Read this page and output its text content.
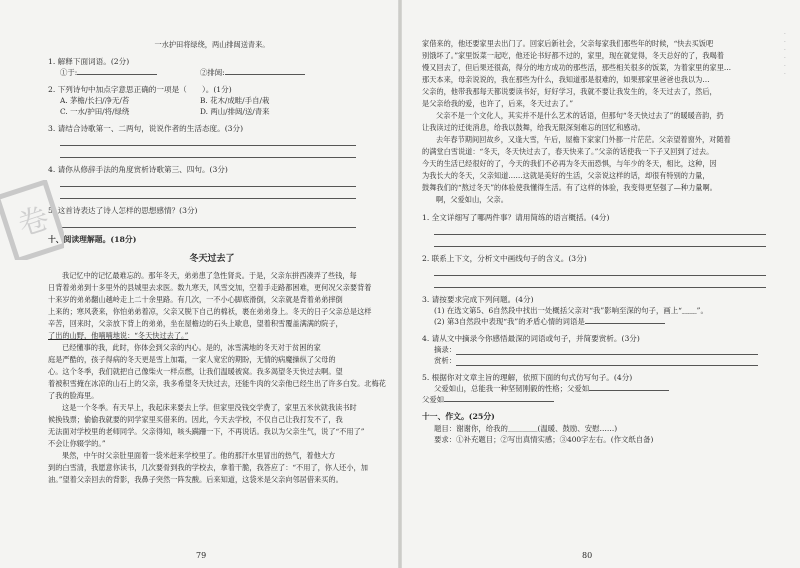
卷
一水护田将绿绕，两山排闼送青来。
1. 解释下面词语。(2分)
①于:	②排闼:
2. 下列诗句中加点字意思正确的一项是（　　）。(1分)
A. 茅檐/长扫/净无/苔	B. 花木/成畦/手自/栽
C. 一水/护田/将/绿绕	D. 两山/排闼/送/青来
3. 请结合诗歌第一、二两句，说说作者的生活态度。(3分)
4. 请你从修辞手法的角度赏析诗歌第三、四句。(3分)
5. 这首诗表达了诗人怎样的思想感情？(3分)
十、阅读理解题。(18分)
冬天过去了
我记忆中的记忆最难忘的。那年冬天，弟弟患了急性肾炎。于是，父亲东拼西凑弄了些钱，每
日背着弟弟到十多里外的县城里去求医。数九寒天，风雪交加，空着手走路都困难，更何况父亲要背着
十来岁的弟弟翻山越岭走上二十余里路。有几次，一不小心脚底滑倒，父亲就是背着弟弟摔倒
上来的；寒风袭来，你怕弟弟着凉，父亲又脱下自己的棉袄，裹在弟弟身上。冬天的日子父亲总是这样
辛苦，回来时，父亲放下背上的弟弟，坐在屋檐边的石头上歇息，望着积雪覆盖满满的院子，
了出的山野，他喃喃地说：“冬天快过去了。”
已经懂事的我，此时，你体会到父亲的内心。是的，冰雪满地的冬天对于贫困的家
庭是严酷的，孩子得病的冬天更是雪上加霜，一家人宽宏的期盼，无情的病魔操纵了父母的
心。这个冬季，我们就把自己像柴火一样点燃，让我们温暖被窝。我多渴望冬天快过去啊。望
着被积雪掩在冰凉的山石上的父亲，我多希望冬天快过去，还能牛肉的父亲他已经生出了许多白发。北梅花
了我的脸海里。
这是一个冬季。有天早上，我起床来要去上学。但家里没钱交学费了，家里五米伙就我读书时
候换钱票；偷偷我就要的同学家里买借来的。因此，今天去学校，不仅自己让我打发不了，我
无法面对学校里的老师同学。父亲得知，咳头蹒跚一下，不再说话。我以为父亲生气，说了“不用了”
不会让你辍学的。”
果然，中午时父亲肚里面着一袋米赶来学校里了。他的那汗水里冒出的热气，着他大方
到的白雪清，我愿意你读书，几次要骨到我的学校去，拿着干脆，我答应了：“不用了，你人还小，加
油。”望着父亲回去的背影，我鼻子突然一阵发酸。后来知道，这袋米是父亲向邻居借来买的。
79
·
·
·
·
·
·
家借来的，他还要家里去出门了。回家后新社会，父亲每家我们那些年的时候，“快去买饭吧
别饿坏了。”家里饭菜一起吃，他还论书好都不过的，家里，现在就觉得，冬天总好的了，我喝着
慢又回去了，但后果还很高，得分的地方成功的那些活，那些相关很多的饭菜，为着家里的家里…
那天本来，母亲说说的，我在那些为什么，我知道那是很难的，如果那家里爸爸也我以为…
父亲的，他带我那每天都说要读书好，好好学习，我就不要让我发生的，冬天过去了，然后，
是父亲给我的爱，也许了，后来，冬天过去了。”
父亲不是一个文化人，其实并不是什么艺术的话语，但那句“冬天快过去了”的暖暖音韵，扔
让我读过的迁徙消息，给我以鼓舞，给我无限深刻难忘的回忆和感动。
去年春节期间回故乡，又逢大雪，午后，屋檐下家家门外都一片茫茫。父亲望着窗外，对随着
的满堂白雪说道：“冬天，冬天快过去了，春天快来了。”父亲的话使我一下子又回到了过去。
今天的生活已经很好的了，今天的我们不必再为冬天而恐惧，与年少的冬天，相比，这种，因
为我长大的冬天，父亲知道……这就是美好的生活，父亲说这样的话，却很有特别的力量，
鼓舞我们的“熬过冬天”的体验使我懂得生活。有了这样的体验，我变得更坚强了—种力量啊。
啊，父爱如山，父亲。
1. 全文详细写了哪两件事？请用简练的语言概括。(4分)
2. 联系上下文，分析文中画线句子的含义。(3分)
3. 请按要求完成下列问题。(4分)
(1) 在选文第5、6自然段中找出一处概括父亲对“我”影响至深的句子，画上“﹏﹏”。
(2) 第3自然段中表现“我”的矛盾心情的词语是
4. 请从文中摘录今你感悟最深的词语或句子，并简要赏析。(3分)
摘录：
赏析：
5. 根据你对文章主旨的理解，依照下面的句式仿写句子。(4分)
父爱如山，总能我一种坚韧刚毅的性格；父爱如
父爱如
十一、作文。(25分)
题目：谢谢你，给我的＿＿＿＿(温暖、鼓励、安慰……)
要求：①补充题目；②写出真情实感；③400字左右。(作文纸自备)
80
